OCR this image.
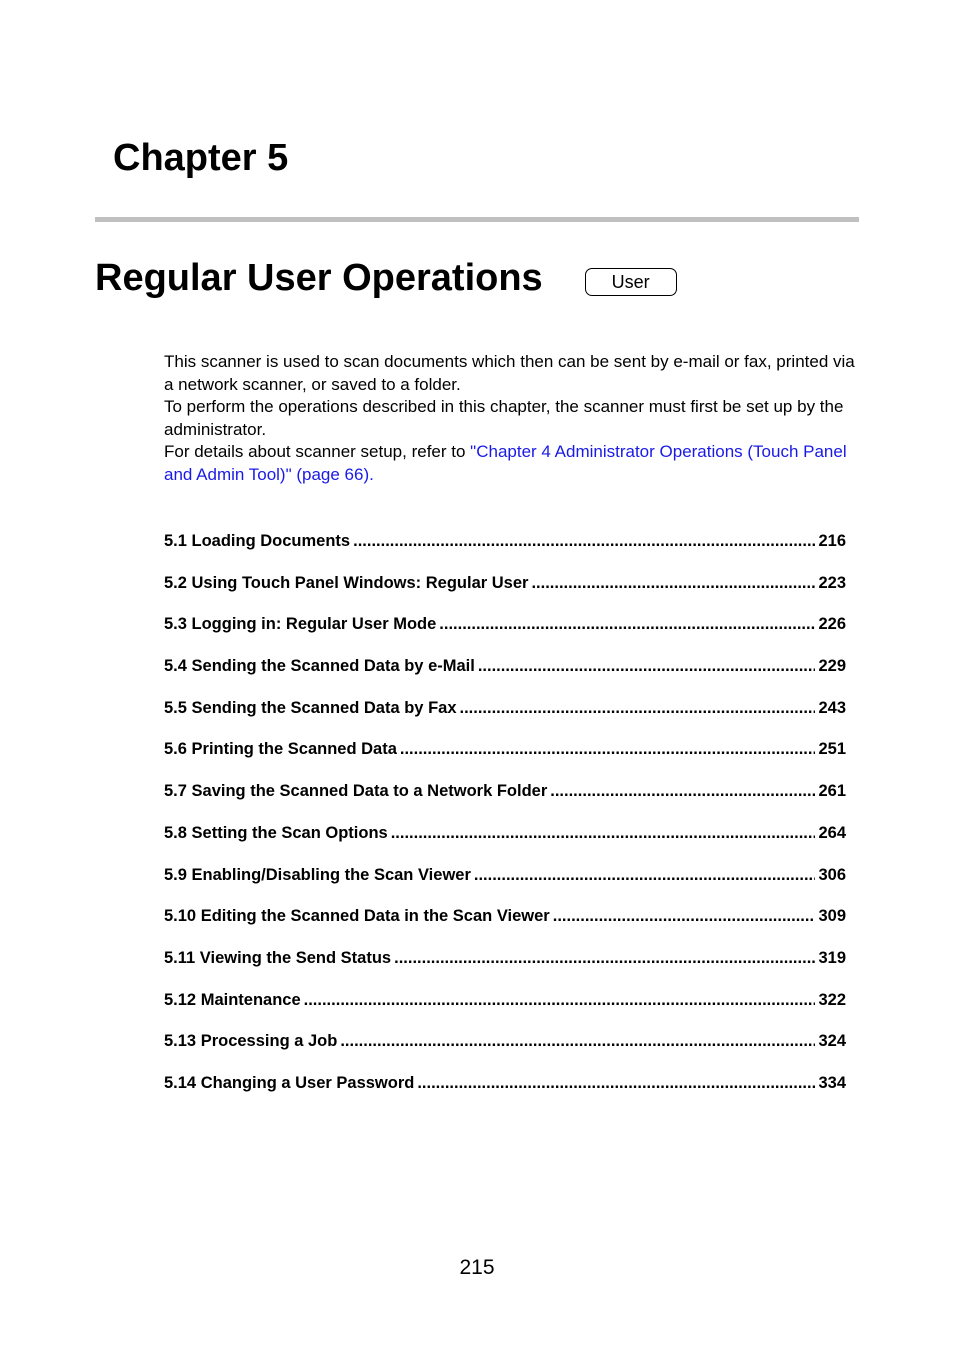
Chapter 5
Regular User Operations	User

This scanner is used to scan documents which then can be sent by e-mail or fax, printed via a network scanner, or saved to a folder.

To perform the operations described in this chapter, the scanner must first be set up by the administrator.

For details about scanner setup, refer to "Chapter 4 Administrator Operations (Touch Panel and Admin Tool)" (page 66).

5.1 Loading Documents .....	216
5.2 Using Touch Panel Windows: Regular User .....	223
5.3 Logging in: Regular User Mode .....	226
5.4 Sending the Scanned Data by e-Mail .....	229
5.5 Sending the Scanned Data by Fax .....	243
5.6 Printing the Scanned Data .....	251
5.7 Saving the Scanned Data to a Network Folder .....	261
5.8 Setting the Scan Options .....	264
5.9 Enabling/Disabling the Scan Viewer .....	306
5.10 Editing the Scanned Data in the Scan Viewer .....	309
5.11 Viewing the Send Status .....	319
5.12 Maintenance .....	322
5.13 Processing a Job .....	324
5.14 Changing a User Password .....	334
215
